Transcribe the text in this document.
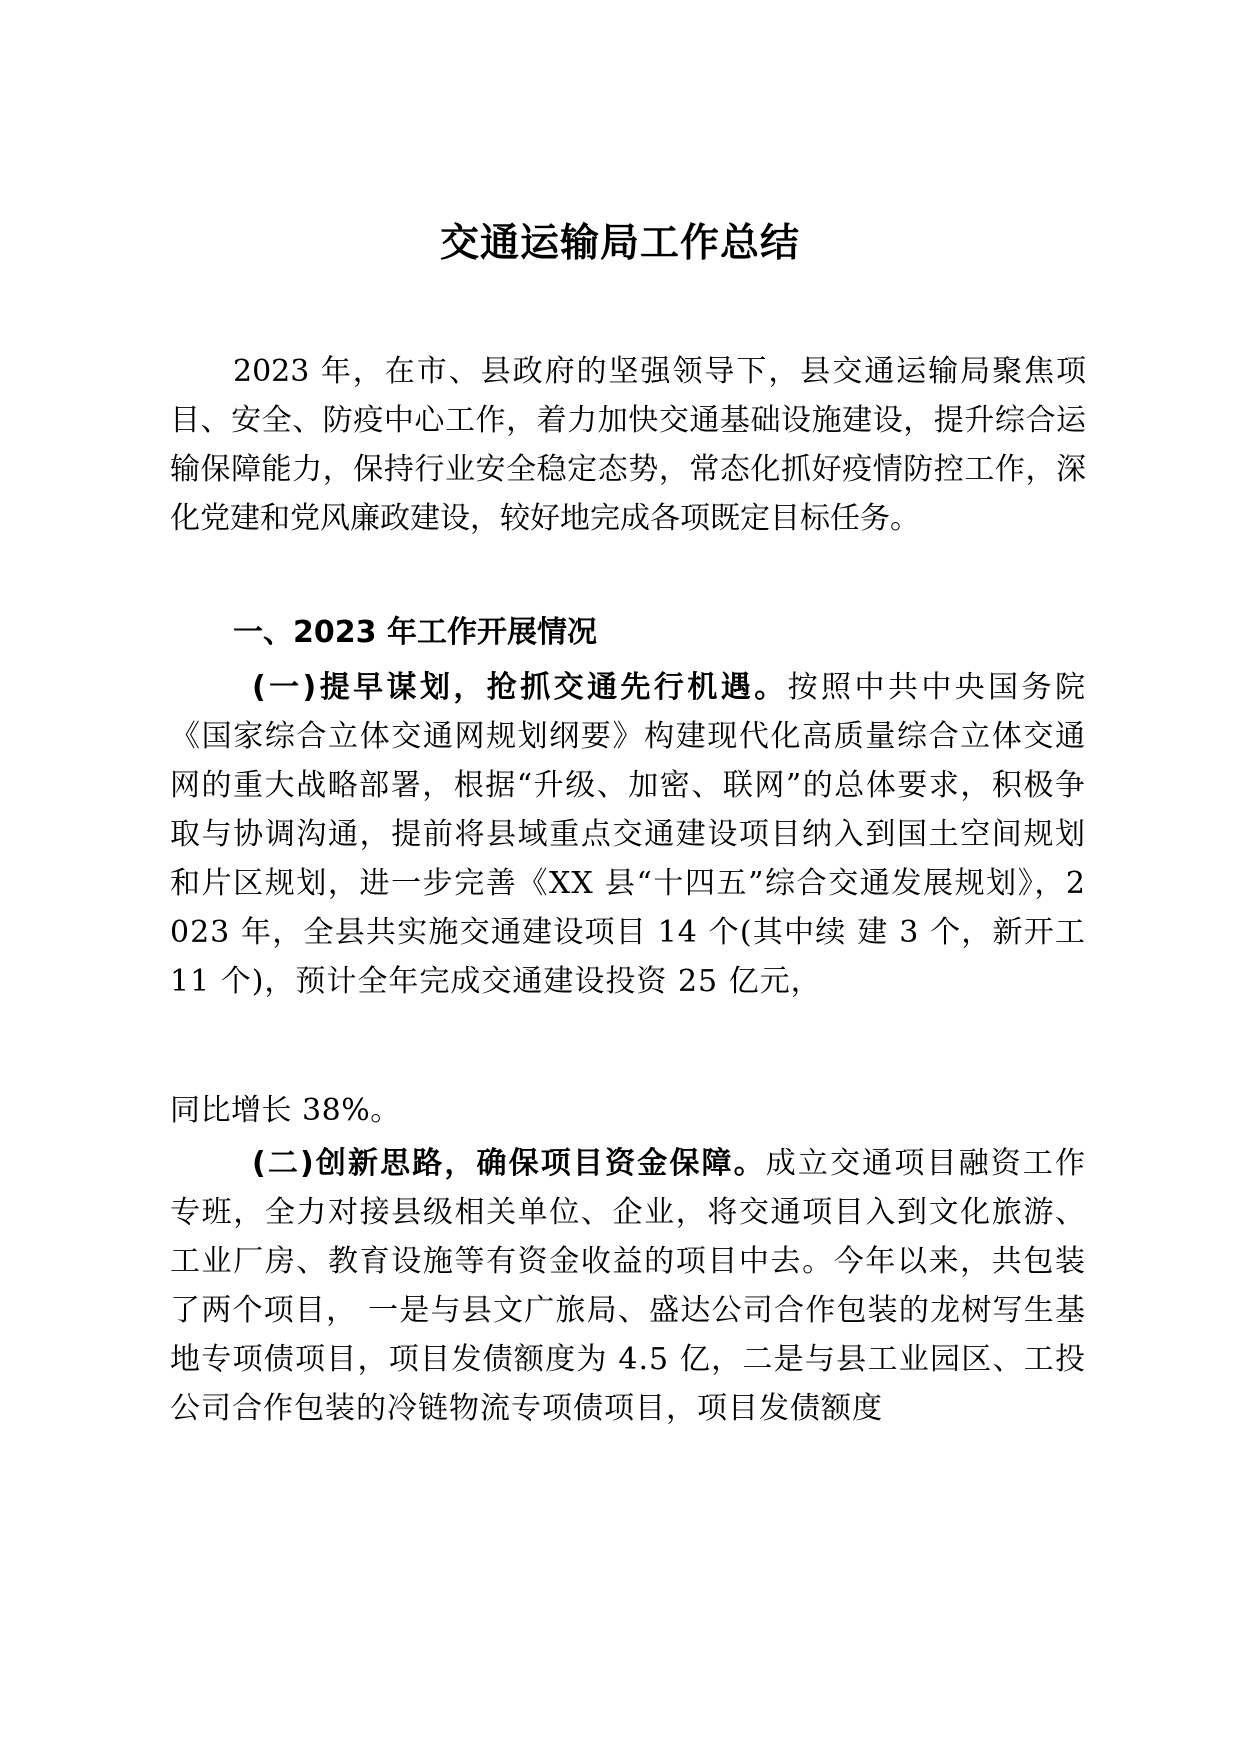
交通运输局工作总结
2023 年，在市、县政府的坚强领导下，县交通运输局聚焦项目、安全、防疫中心工作，着力加快交通基础设施建设，提升综合运输保障能力，保持行业安全稳定态势，常态化抓好疫情防控工作，深化党建和党风廉政建设，较好地完成各项既定目标任务。
一、2023 年工作开展情况
(一)提早谋划，抢抓交通先行机遇。按照中共中央国务院《国家综合立体交通网规划纲要》构建现代化高质量综合立体交通网的重大战略部署，根据“升级、加密、联网”的总体要求，积极争取与协调沟通，提前将县域重点交通建设项目纳入到国土空间规划和片区规划，进一步完善《XX 县“十四五”综合交通发展规划》，2023 年，全县共实施交通建设项目 14 个(其中续 建 3 个，新开工 11 个)，预计全年完成交通建设投资 25 亿元，
同比增长 38%。
(二)创新思路，确保项目资金保障。成立交通项目融资工作专班，全力对接县级相关单位、企业，将交通项目入到文化旅游、工业厂房、教育设施等有资金收益的项目中去。今年以来，共包装了两个项目， 一是与县文广旅局、盛达公司合作包装的龙树写生基地专项债项目，项目发债额度为 4.5 亿，二是与县工业园区、工投公司合作包装的冷链物流专项债项目，项目发债额度
